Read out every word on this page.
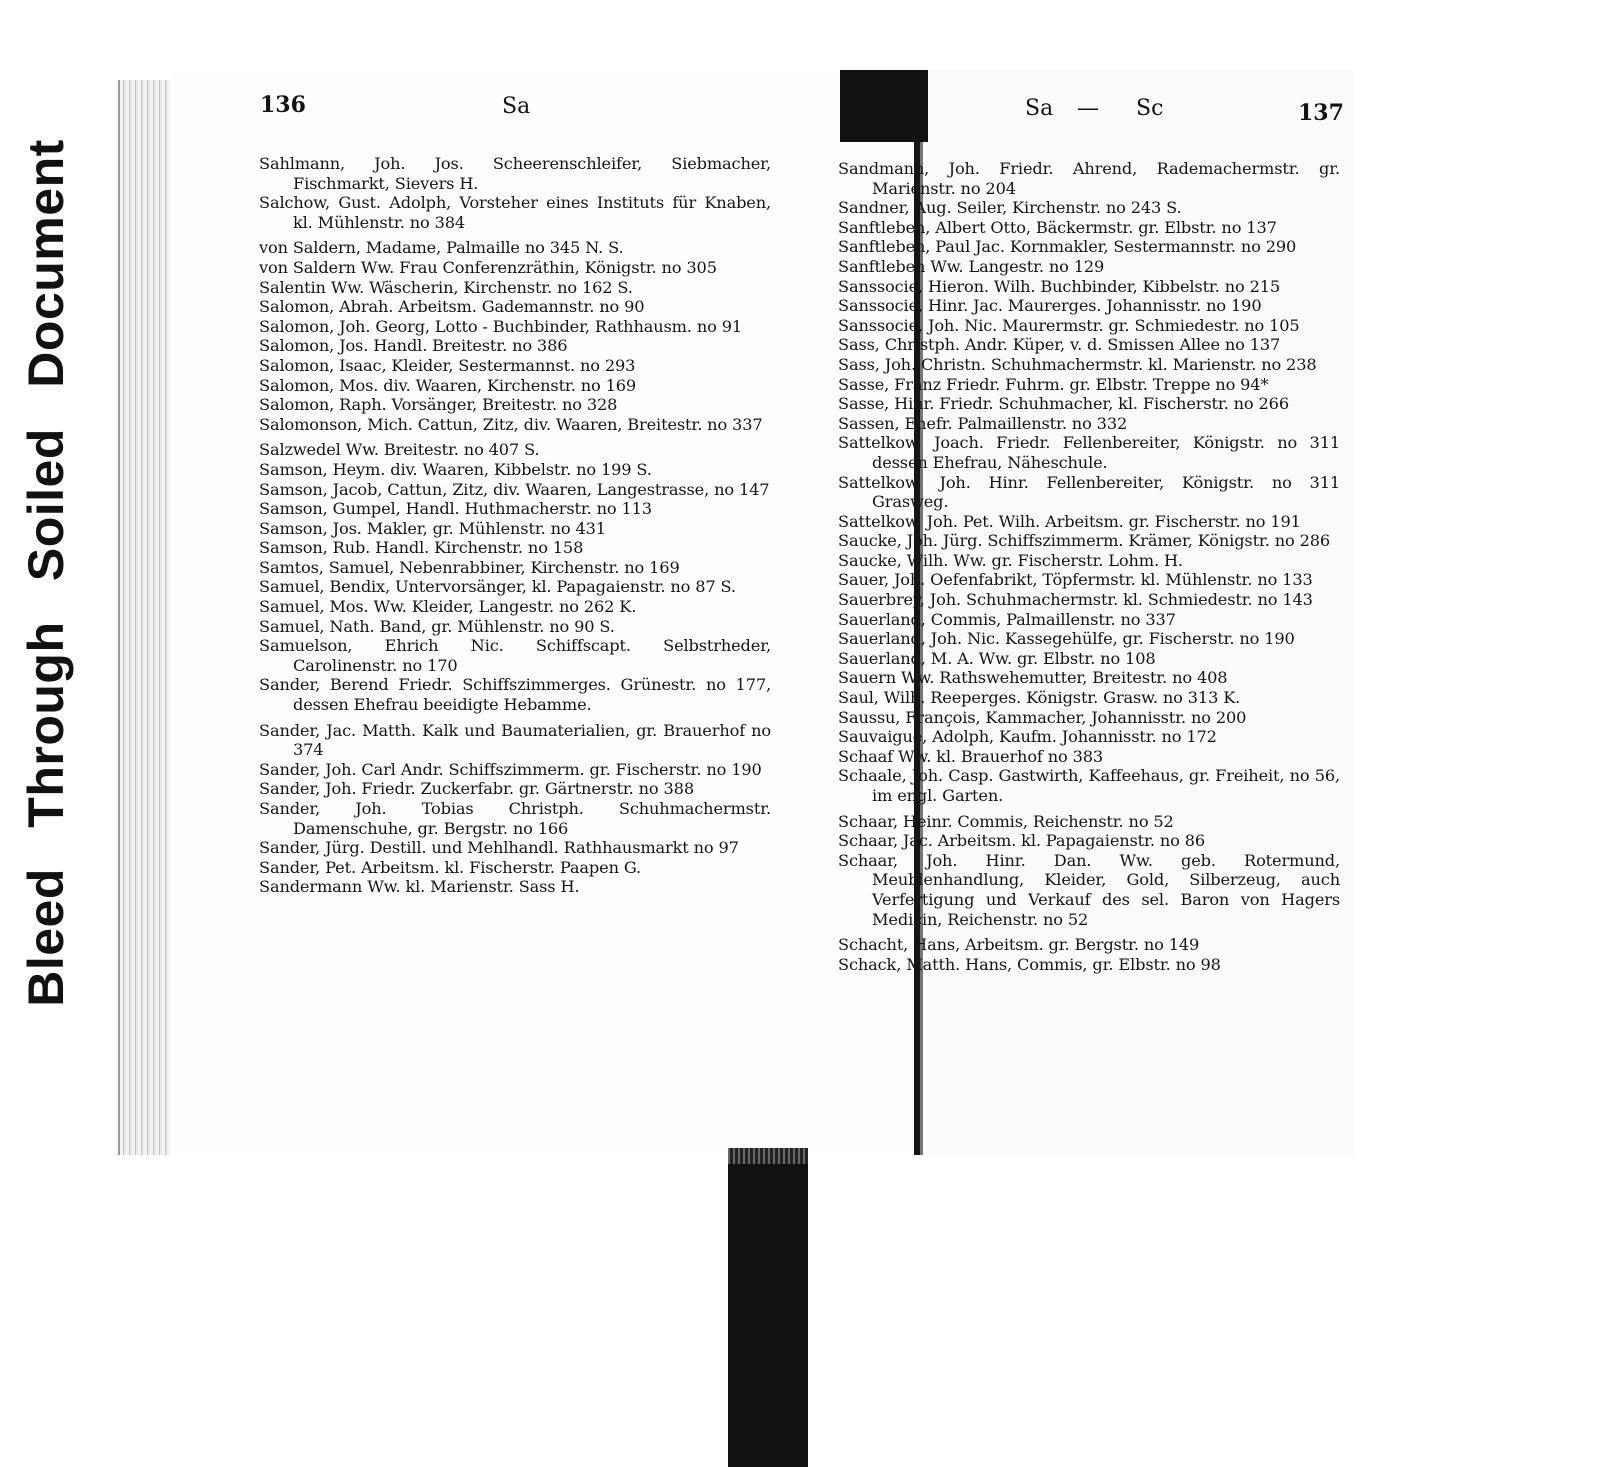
Bleed Through Soiled Document
136	Sa	Sa — Sc	137
Sahlmann, Joh. Jos. Scheerenschleifer, Siebmacher, Fischmarkt, Sievers H.
Salchow, Gust. Adolph, Vorsteher eines Instituts für Knaben, kl. Mühlenstr. no 384
von Saldern, Madame, Palmaille no 345 N. S.
von Saldern Ww. Frau Conferenzräthin, Königstr. no 305
Salentin Ww. Wäscherin, Kirchenstr. no 162 S.
Salomon, Abrah. Arbeitsm. Gademannstr. no 90
Salomon, Joh. Georg, Lotto - Buchbinder, Rathhausm. no 91
Salomon, Jos. Handl. Breitestr. no 386
Salomon, Isaac, Kleider, Sestermannst. no 293
Salomon, Mos. div. Waaren, Kirchenstr. no 169
Salomon, Raph. Vorsänger, Breitestr. no 328
Salomonson, Mich. Cattun, Zitz, div. Waaren, Breitestr. no 337
Salzwedel Ww. Breitestr. no 407 S.
Samson, Heym. div. Waaren, Kibbelstr. no 199 S.
Samson, Jacob, Cattun, Zitz, div. Waaren, Langestrasse, no 147
Samson, Gumpel, Handl. Huthmacherstr. no 113
Samson, Jos. Makler, gr. Mühlenstr. no 431
Samson, Rub. Handl. Kirchenstr. no 158
Samtos, Samuel, Nebenrabbiner, Kirchenstr. no 169
Samuel, Bendix, Untervorsänger, kl. Papagaienstr. no 87 S.
Samuel, Mos. Ww. Kleider, Langestr. no 262 K.
Samuel, Nath. Band, gr. Mühlenstr. no 90 S.
Samuelson, Ehrich Nic. Schiffscapt. Selbstrheder, Carolinenstr. no 170
Sander, Berend Friedr. Schiffszimmerges. Grünestr. no 177, dessen Ehefrau beeidigte Hebamme.
Sander, Jac. Matth. Kalk und Baumaterialien, gr. Brauerhof no 374
Sander, Joh. Carl Andr. Schiffszimmerm. gr. Fischerstr. no 190
Sander, Joh. Friedr. Zuckerfabr. gr. Gärtnerstr. no 388
Sander, Joh. Tobias Christph. Schuhmachermstr. Damenschuhe, gr. Bergstr. no 166
Sander, Jürg. Destill. und Mehlhandl. Rathhausmarkt no 97
Sander, Pet. Arbeitsm. kl. Fischerstr. Paapen G.
Sandermann Ww. kl. Marienstr. Sass H.
Sandmann, Joh. Friedr. Ahrend, Rademachermstr. gr. Marienstr. no 204
Sandner, Aug. Seiler, Kirchenstr. no 243 S.
Sanftleben, Albert Otto, Bäckermstr. gr. Elbstr. no 137
Sanftleben, Paul Jac. Kornmakler, Sestermannstr. no 290
Sanftleben Ww. Langestr. no 129
Sanssocie, Hieron. Wilh. Buchbinder, Kibbelstr. no 215
Sanssocie, Hinr. Jac. Maurerges. Johannisstr. no 190
Sanssocie, Joh. Nic. Maurermstr. gr. Schmiedestr. no 105
Sass, Christph. Andr. Küper, v. d. Smissen Allee no 137
Sass, Joh. Christn. Schuhmachermstr. kl. Marienstr. no 238
Sasse, Franz Friedr. Fuhrm. gr. Elbstr. Treppe no 94*
Sasse, Hinr. Friedr. Schuhmacher, kl. Fischerstr. no 266
Sassen, Ehefr. Palmaillenstr. no 332
Sattelkow, Joach. Friedr. Fellenbereiter, Königstr. no 311 dessen Ehefrau, Näheschule.
Sattelkow, Joh. Hinr. Fellenbereiter, Königstr. no 311 Grasweg.
Sattelkow, Joh. Pet. Wilh. Arbeitsm. gr. Fischerstr. no 191
Saucke, Joh. Jürg. Schiffszimmerm. Krämer, Königstr. no 286
Saucke, Wilh. Ww. gr. Fischerstr. Lohm. H.
Sauer, Joh. Oefenfabrikt, Töpfermstr. kl. Mühlenstr. no 133
Sauerbrey, Joh. Schuhmachermstr. kl. Schmiedestr. no 143
Sauerland, Commis, Palmaillenstr. no 337
Sauerland, Joh. Nic. Kassegehülfe, gr. Fischerstr. no 190
Sauerland, M. A. Ww. gr. Elbstr. no 108
Sauern Ww. Rathswehemutter, Breitestr. no 408
Saul, Wilh. Reeperges. Königstr. Grasw. no 313 K.
Saussu, François, Kammacher, Johannisstr. no 200
Sauvaigue, Adolph, Kaufm. Johannisstr. no 172
Schaaf Ww. kl. Brauerhof no 383
Schaale, Joh. Casp. Gastwirth, Kaffeehaus, gr. Freiheit, no 56, im engl. Garten.
Schaar, Heinr. Commis, Reichenstr. no 52
Schaar, Jac. Arbeitsm. kl. Papagaienstr. no 86
Schaar, Joh. Hinr. Dan. Ww. geb. Rotermund, Meublenhandlung, Kleider, Gold, Silberzeug, auch Verfertigung und Verkauf des sel. Baron von Hagers Medicin, Reichenstr. no 52
Schacht, Hans, Arbeitsm. gr. Bergstr. no 149
Schack, Matth. Hans, Commis, gr. Elbstr. no 98
